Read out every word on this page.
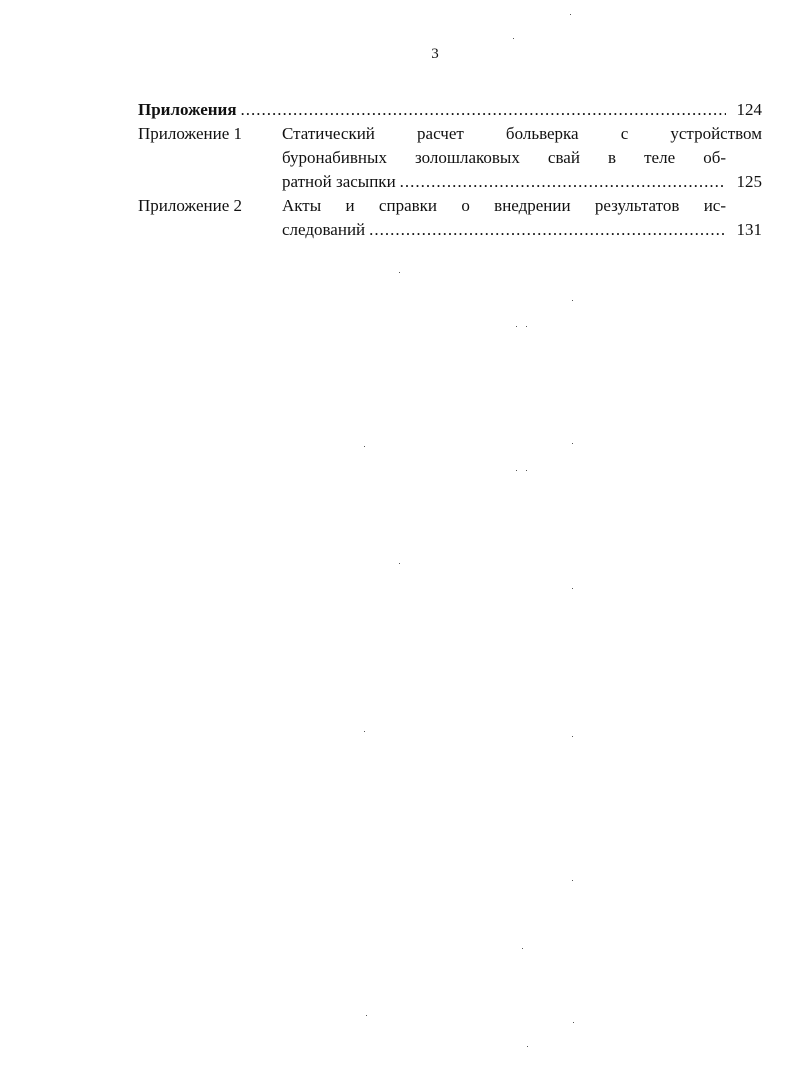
3
Приложения .....	124
Приложение 1	Статический расчет больверка с устройством
буронабивных золошлаковых свай в теле об-
ратной засыпки .....	125
Приложение 2	Акты и справки о внедрении результатов ис-
следований .....	131
